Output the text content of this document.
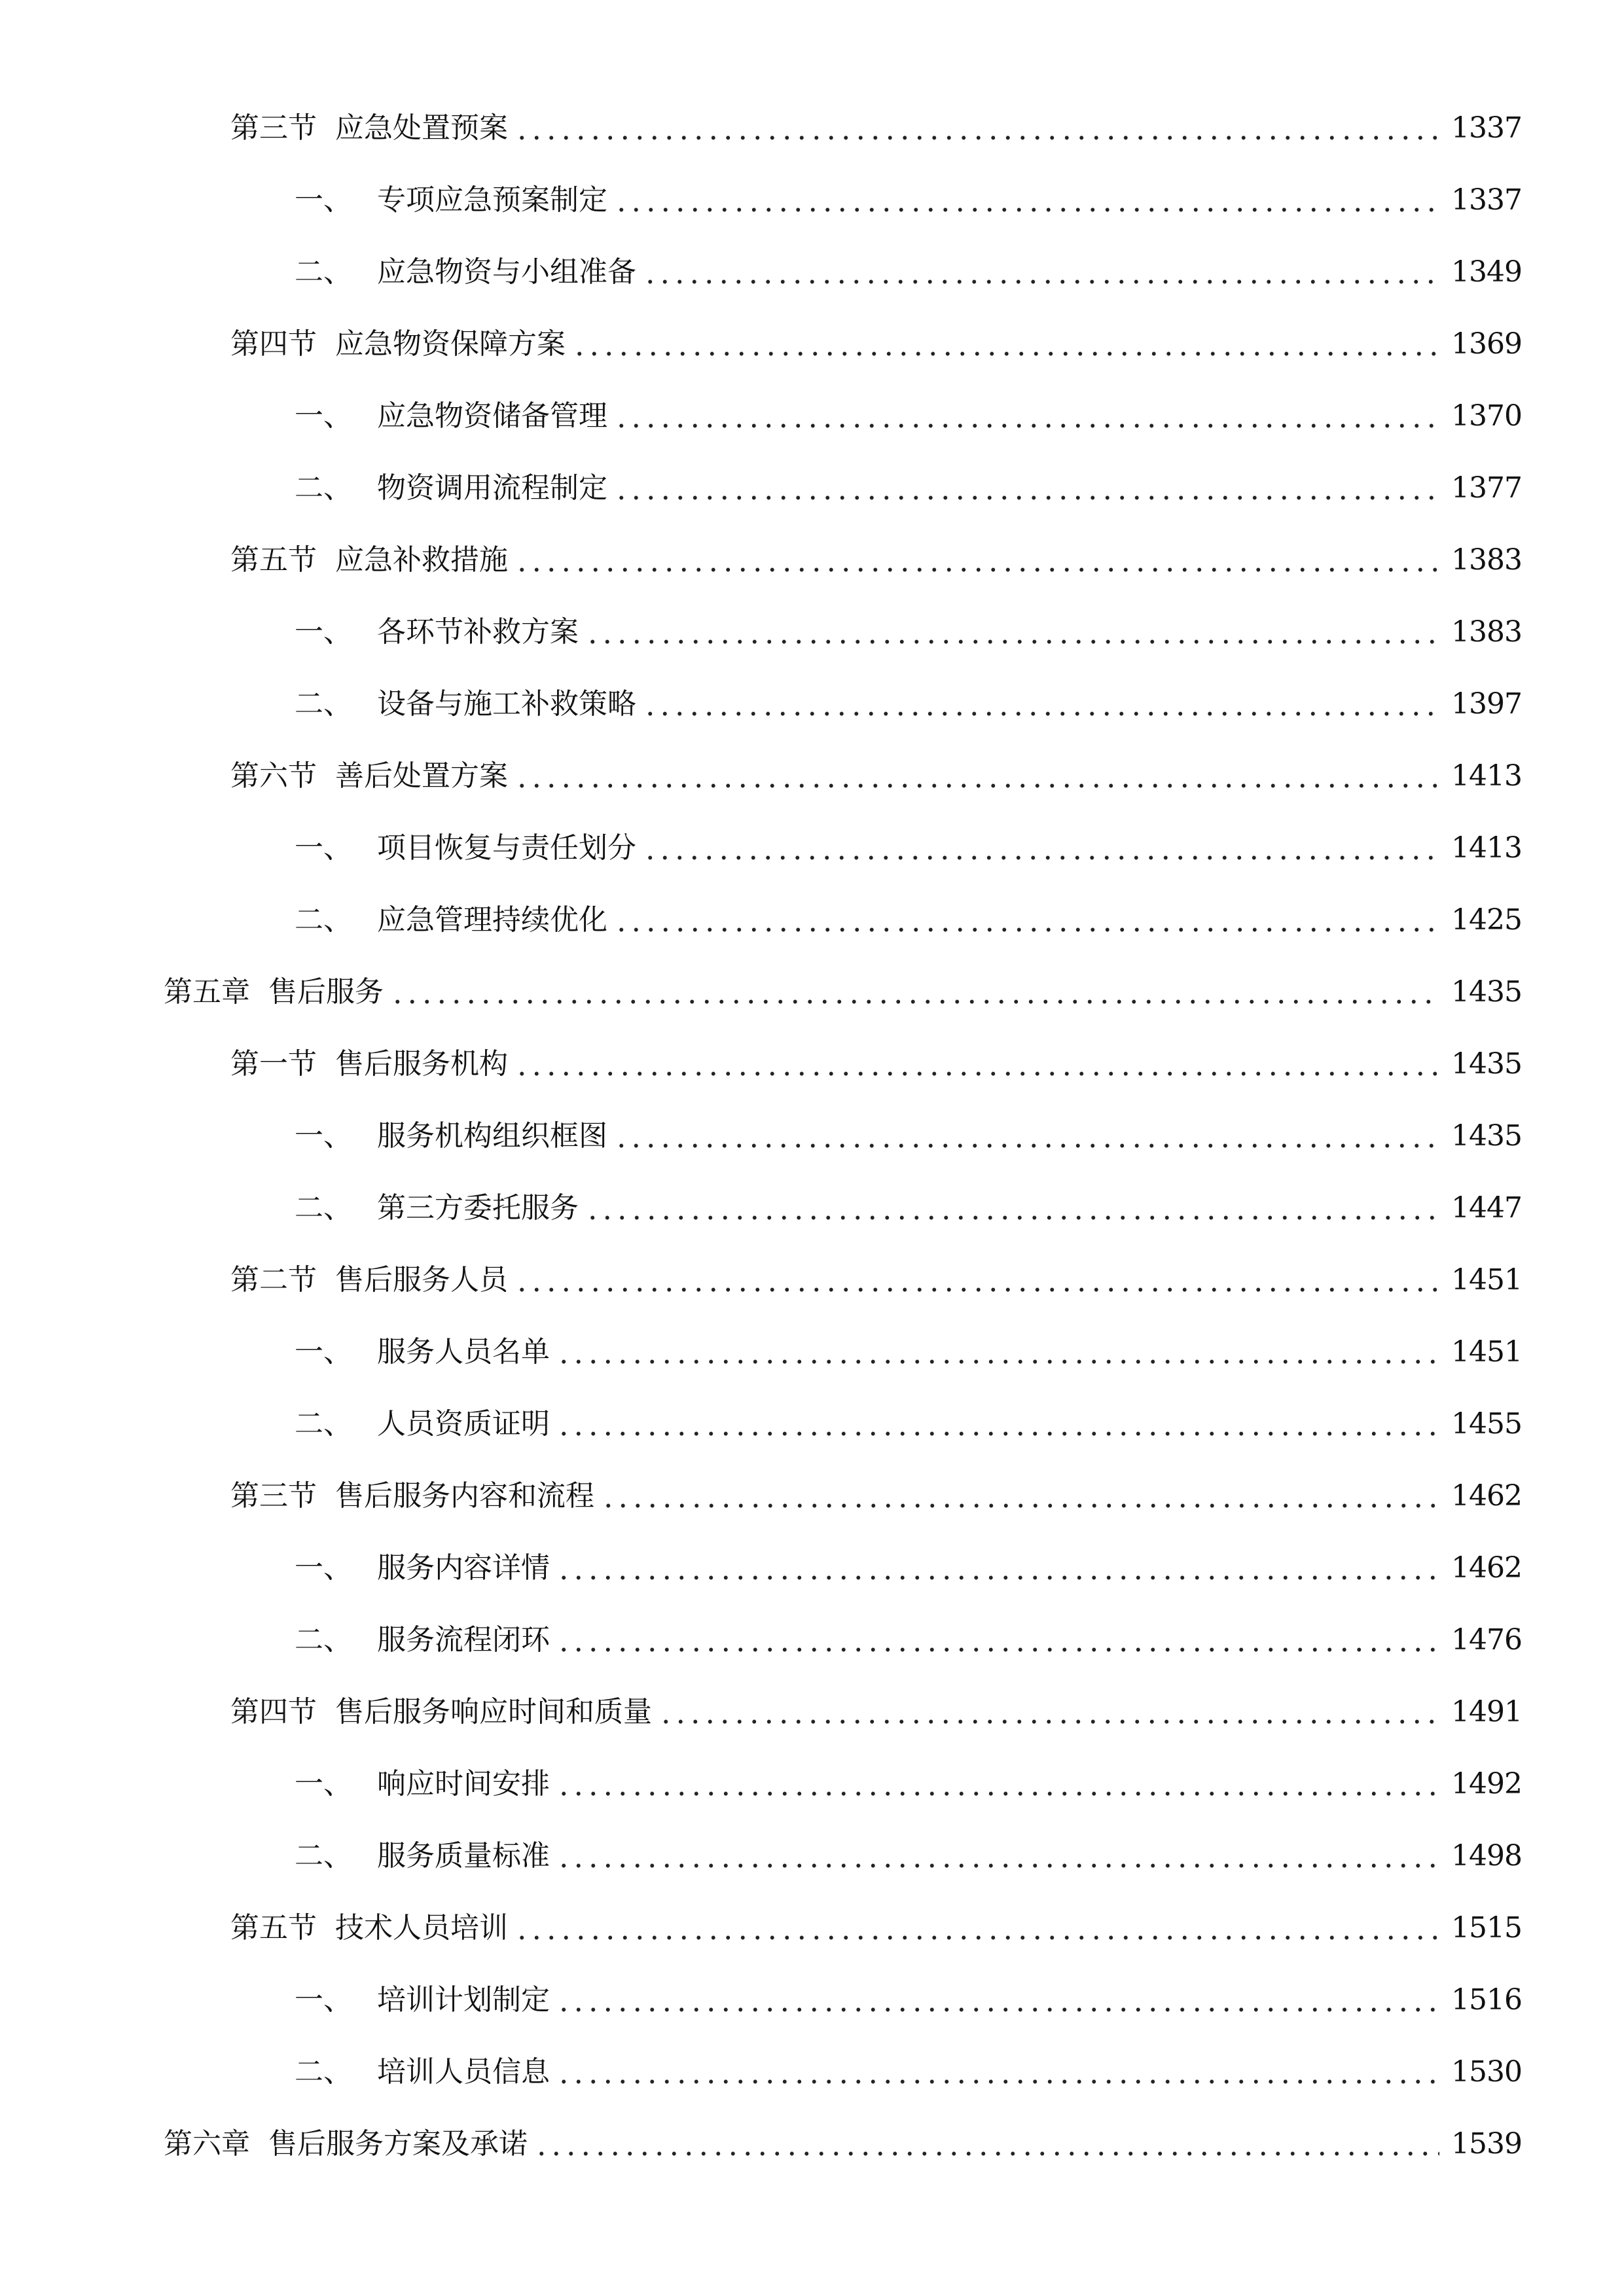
第三节 应急处置预案	1337
一、 专项应急预案制定	1337
二、 应急物资与小组准备	1349
第四节 应急物资保障方案	1369
一、 应急物资储备管理	1370
二、 物资调用流程制定	1377
第五节 应急补救措施	1383
一、 各环节补救方案	1383
二、 设备与施工补救策略	1397
第六节 善后处置方案	1413
一、 项目恢复与责任划分	1413
二、 应急管理持续优化	1425
第五章 售后服务	1435
第一节 售后服务机构	1435
一、 服务机构组织框图	1435
二、 第三方委托服务	1447
第二节 售后服务人员	1451
一、 服务人员名单	1451
二、 人员资质证明	1455
第三节 售后服务内容和流程	1462
一、 服务内容详情	1462
二、 服务流程闭环	1476
第四节 售后服务响应时间和质量	1491
一、 响应时间安排	1492
二、 服务质量标准	1498
第五节 技术人员培训	1515
一、 培训计划制定	1516
二、 培训人员信息	1530
第六章 售后服务方案及承诺	1539
